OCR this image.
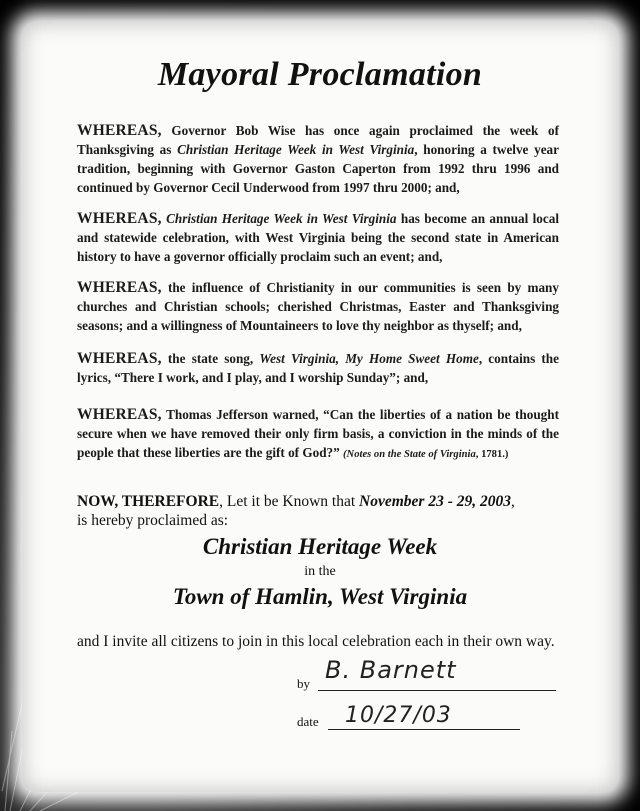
Mayoral Proclamation
WHEREAS, Governor Bob Wise has once again proclaimed the week of Thanksgiving as Christian Heritage Week in West Virginia, honoring a twelve year tradition, beginning with Governor Gaston Caperton from 1992 thru 1996 and continued by Governor Cecil Underwood from 1997 thru 2000; and,
WHEREAS, Christian Heritage Week in West Virginia has become an annual local and statewide celebration, with West Virginia being the second state in American history to have a governor officially proclaim such an event; and,
WHEREAS, the influence of Christianity in our communities is seen by many churches and Christian schools; cherished Christmas, Easter and Thanksgiving seasons; and a willingness of Mountaineers to love thy neighbor as thyself; and,
WHEREAS, the state song, West Virginia, My Home Sweet Home, contains the lyrics, “There I work, and I play, and I worship Sunday”; and,
WHEREAS, Thomas Jefferson warned, “Can the liberties of a nation be thought secure when we have removed their only firm basis, a conviction in the minds of the people that these liberties are the gift of God?” (Notes on the State of Virginia, 1781.)
NOW, THEREFORE, Let it be Known that November 23 - 29, 2003,
is hereby proclaimed as:
Christian Heritage Week
in the
Town of Hamlin, West Virginia
and I invite all citizens to join in this local celebration each in their own way.
by B. Barnett
date 10/27/03
